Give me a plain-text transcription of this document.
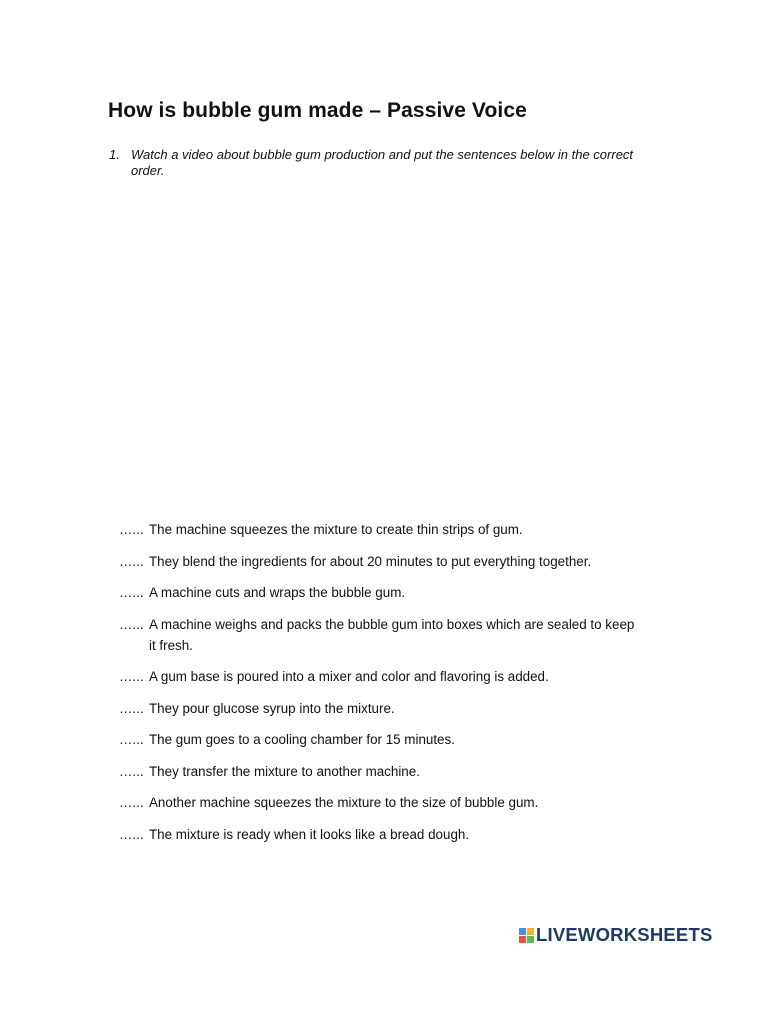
How is bubble gum made – Passive Voice
1. Watch a video about bubble gum production and put the sentences below in the correct order.
…... The machine squeezes the mixture to create thin strips of gum.
…... They blend the ingredients for about 20 minutes to put everything together.
…... A machine cuts and wraps the bubble gum.
…... A machine weighs and packs the bubble gum into boxes which are sealed to keep it fresh.
…... A gum base is poured into a mixer and color and flavoring is added.
…... They pour glucose syrup into the mixture.
…... The gum goes to a cooling chamber for 15 minutes.
…... They transfer the mixture to another machine.
…... Another machine squeezes the mixture to the size of bubble gum.
…... The mixture is ready when it looks like a bread dough.
LIVEWORKSHEETS
